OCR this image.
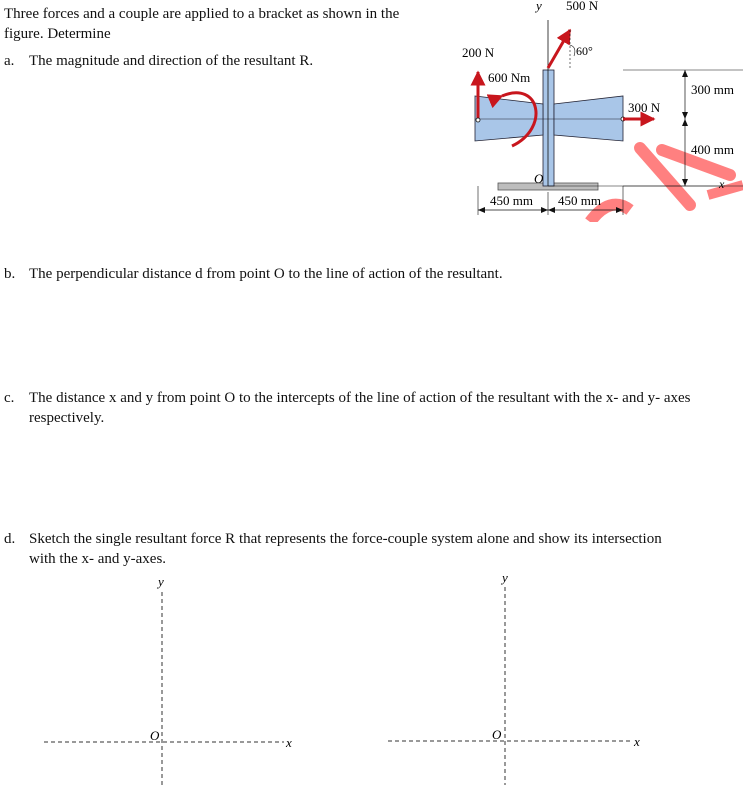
Three forces and a couple are applied to a bracket as shown in the

figure. Determine

a. The magnitude and direction of the resultant R.
b. The perpendicular distance d from point O to the line of action of the resultant.
c. The distance x and y from point O to the intercepts of the line of action of the resultant with the x- and y- axes
respectively.
d. Sketch the single resultant force R that represents the force-couple system alone and show its intersection
with the x- and y-axes.
y 500 N
200 N	60°
600 Nm
300 N
300 mm
400 mm
x
O
450 mm 450 mm
y
x
O
y
x
O
